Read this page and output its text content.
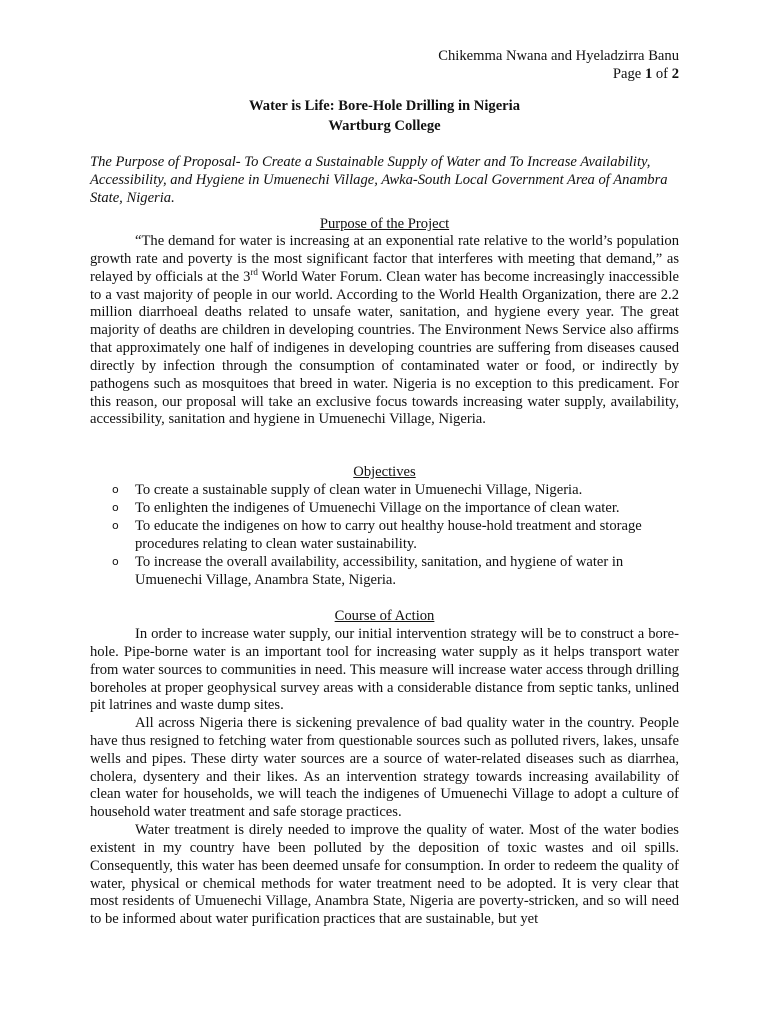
Chikemma Nwana and Hyeladzirra Banu
Page 1 of 2
Water is Life: Bore-Hole Drilling in Nigeria
Wartburg College
The Purpose of Proposal- To Create a Sustainable Supply of Water and To Increase Availability, Accessibility, and Hygiene in Umuenechi Village, Awka-South Local Government Area of Anambra State, Nigeria.
Purpose of the Project

“The demand for water is increasing at an exponential rate relative to the world’s population growth rate and poverty is the most significant factor that interferes with meeting that demand,” as relayed by officials at the 3rd World Water Forum. Clean water has become increasingly inaccessible to a vast majority of people in our world. According to the World Health Organization, there are 2.2 million diarrhoeal deaths related to unsafe water, sanitation, and hygiene every year. The great majority of deaths are children in developing countries. The Environment News Service also affirms that approximately one half of indigenes in developing countries are suffering from diseases caused directly by infection through the consumption of contaminated water or food, or indirectly by pathogens such as mosquitoes that breed in water. Nigeria is no exception to this predicament. For this reason, our proposal will take an exclusive focus towards increasing water supply, availability, accessibility, sanitation and hygiene in Umuenechi Village, Nigeria.

Objectives
o To create a sustainable supply of clean water in Umuenechi Village, Nigeria.
o To enlighten the indigenes of Umuenechi Village on the importance of clean water.
o To educate the indigenes on how to carry out healthy house-hold treatment and storage procedures relating to clean water sustainability.
o To increase the overall availability, accessibility, sanitation, and hygiene of water in Umuenechi Village, Anambra State, Nigeria.
Course of Action

In order to increase water supply, our initial intervention strategy will be to construct a bore-hole. Pipe-borne water is an important tool for increasing water supply as it helps transport water from water sources to communities in need. This measure will increase water access through drilling boreholes at proper geophysical survey areas with a considerable distance from septic tanks, unlined pit latrines and waste dump sites.

All across Nigeria there is sickening prevalence of bad quality water in the country. People have thus resigned to fetching water from questionable sources such as polluted rivers, lakes, unsafe wells and pipes. These dirty water sources are a source of water-related diseases such as diarrhea, cholera, dysentery and their likes. As an intervention strategy towards increasing availability of clean water for households, we will teach the indigenes of Umuenechi Village to adopt a culture of household water treatment and safe storage practices.

Water treatment is direly needed to improve the quality of water. Most of the water bodies existent in my country have been polluted by the deposition of toxic wastes and oil spills. Consequently, this water has been deemed unsafe for consumption. In order to redeem the quality of water, physical or chemical methods for water treatment need to be adopted. It is very clear that most residents of Umuenechi Village, Anambra State, Nigeria are poverty-stricken, and so will need to be informed about water purification practices that are sustainable, but yet
